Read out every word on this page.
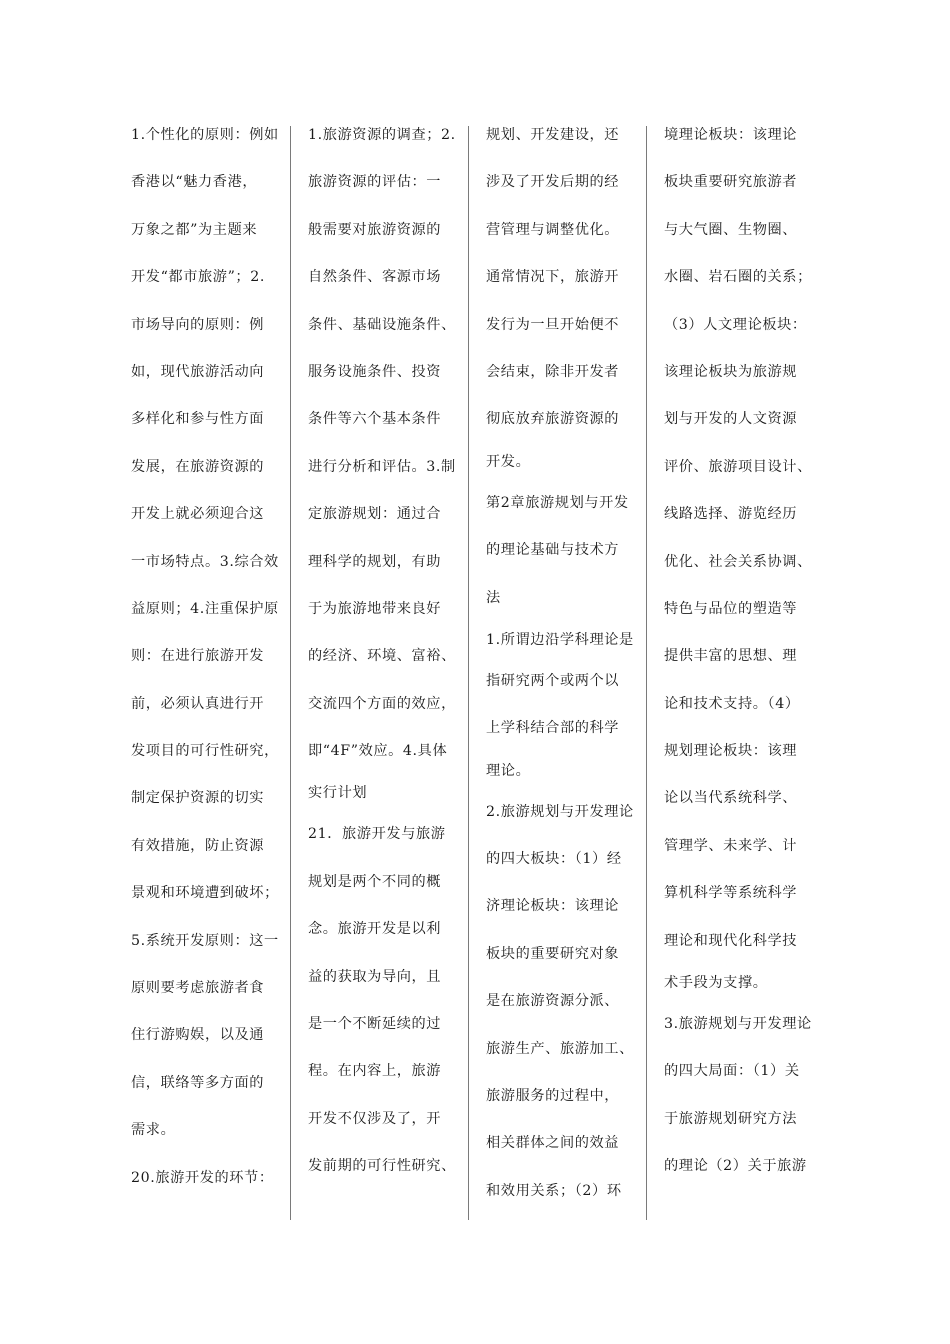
1.个性化的原则：例如
香港以“魅力香港，
万象之都”为主题来
开发“都市旅游”；2.
市场导向的原则：例
如，现代旅游活动向
多样化和参与性方面
发展，在旅游资源的
开发上就必须迎合这
一市场特点。3.综合效
益原则；4.注重保护原
则：在进行旅游开发
前，必须认真进行开
发项目的可行性研究，
制定保护资源的切实
有效措施，防止资源
景观和环境遭到破坏；
5.系统开发原则：这一
原则要考虑旅游者食
住行游购娱，以及通
信，联络等多方面的
需求。
20.旅游开发的环节：
1.旅游资源的调查；2.
旅游资源的评估：一
般需要对旅游资源的
自然条件、客源市场
条件、基础设施条件、
服务设施条件、投资
条件等六个基本条件
进行分析和评估。3.制
定旅游规划：通过合
理科学的规划，有助
于为旅游地带来良好
的经济、环境、富裕、
交流四个方面的效应，
即“4F”效应。4.具体
实行计划
21．旅游开发与旅游
规划是两个不同的概
念。旅游开发是以利
益的获取为导向，且
是一个不断延续的过
程。在内容上，旅游
开发不仅涉及了，开
发前期的可行性研究、
规划、开发建设，还
涉及了开发后期的经
营管理与调整优化。
通常情况下，旅游开
发行为一旦开始便不
会结束，除非开发者
彻底放弃旅游资源的
开发。
第2章旅游规划与开发
的理论基础与技术方
法
1.所谓边沿学科理论是
指研究两个或两个以
上学科结合部的科学
理论。
2.旅游规划与开发理论
的四大板块：（1）经
济理论板块：该理论
板块的重要研究对象
是在旅游资源分派、
旅游生产、旅游加工、
旅游服务的过程中，
相关群体之间的效益
和效用关系；（2）环
境理论板块：该理论
板块重要研究旅游者
与大气圈、生物圈、
水圈、岩石圈的关系；
（3）人文理论板块：
该理论板块为旅游规
划与开发的人文资源
评价、旅游项目设计、
线路选择、游览经历
优化、社会关系协调、
特色与品位的塑造等
提供丰富的思想、理
论和技术支持。（4）
规划理论板块：该理
论以当代系统科学、
管理学、未来学、计
算机科学等系统科学
理论和现代化科学技
术手段为支撑。
3.旅游规划与开发理论
的四大局面：（1）关
于旅游规划研究方法
的理论（2）关于旅游
